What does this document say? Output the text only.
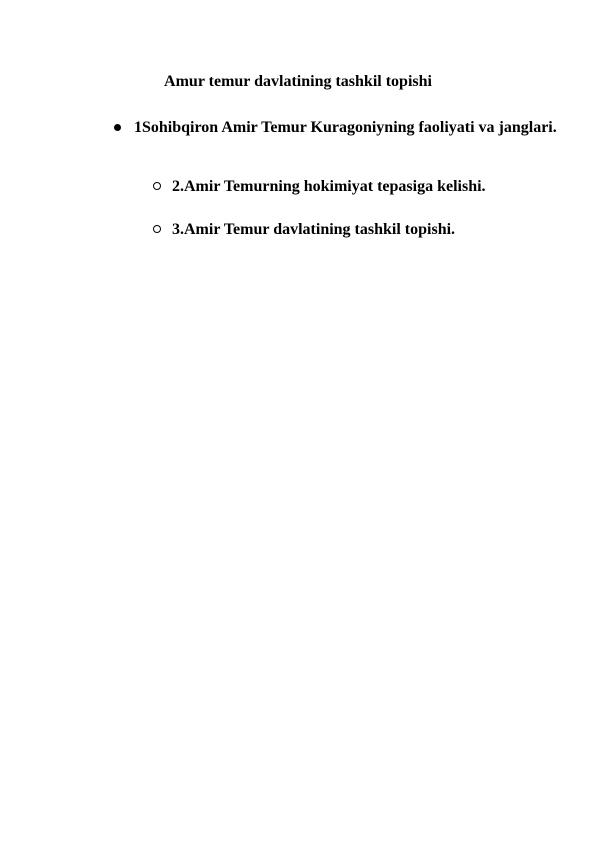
Amur temur davlatining tashkil topishi
1Sohibqiron Amir Temur Kuragoniyning faoliyati va janglari.
2.Amir Temurning hokimiyat tepasiga kelishi.
3.Amir Temur davlatining tashkil topishi.
